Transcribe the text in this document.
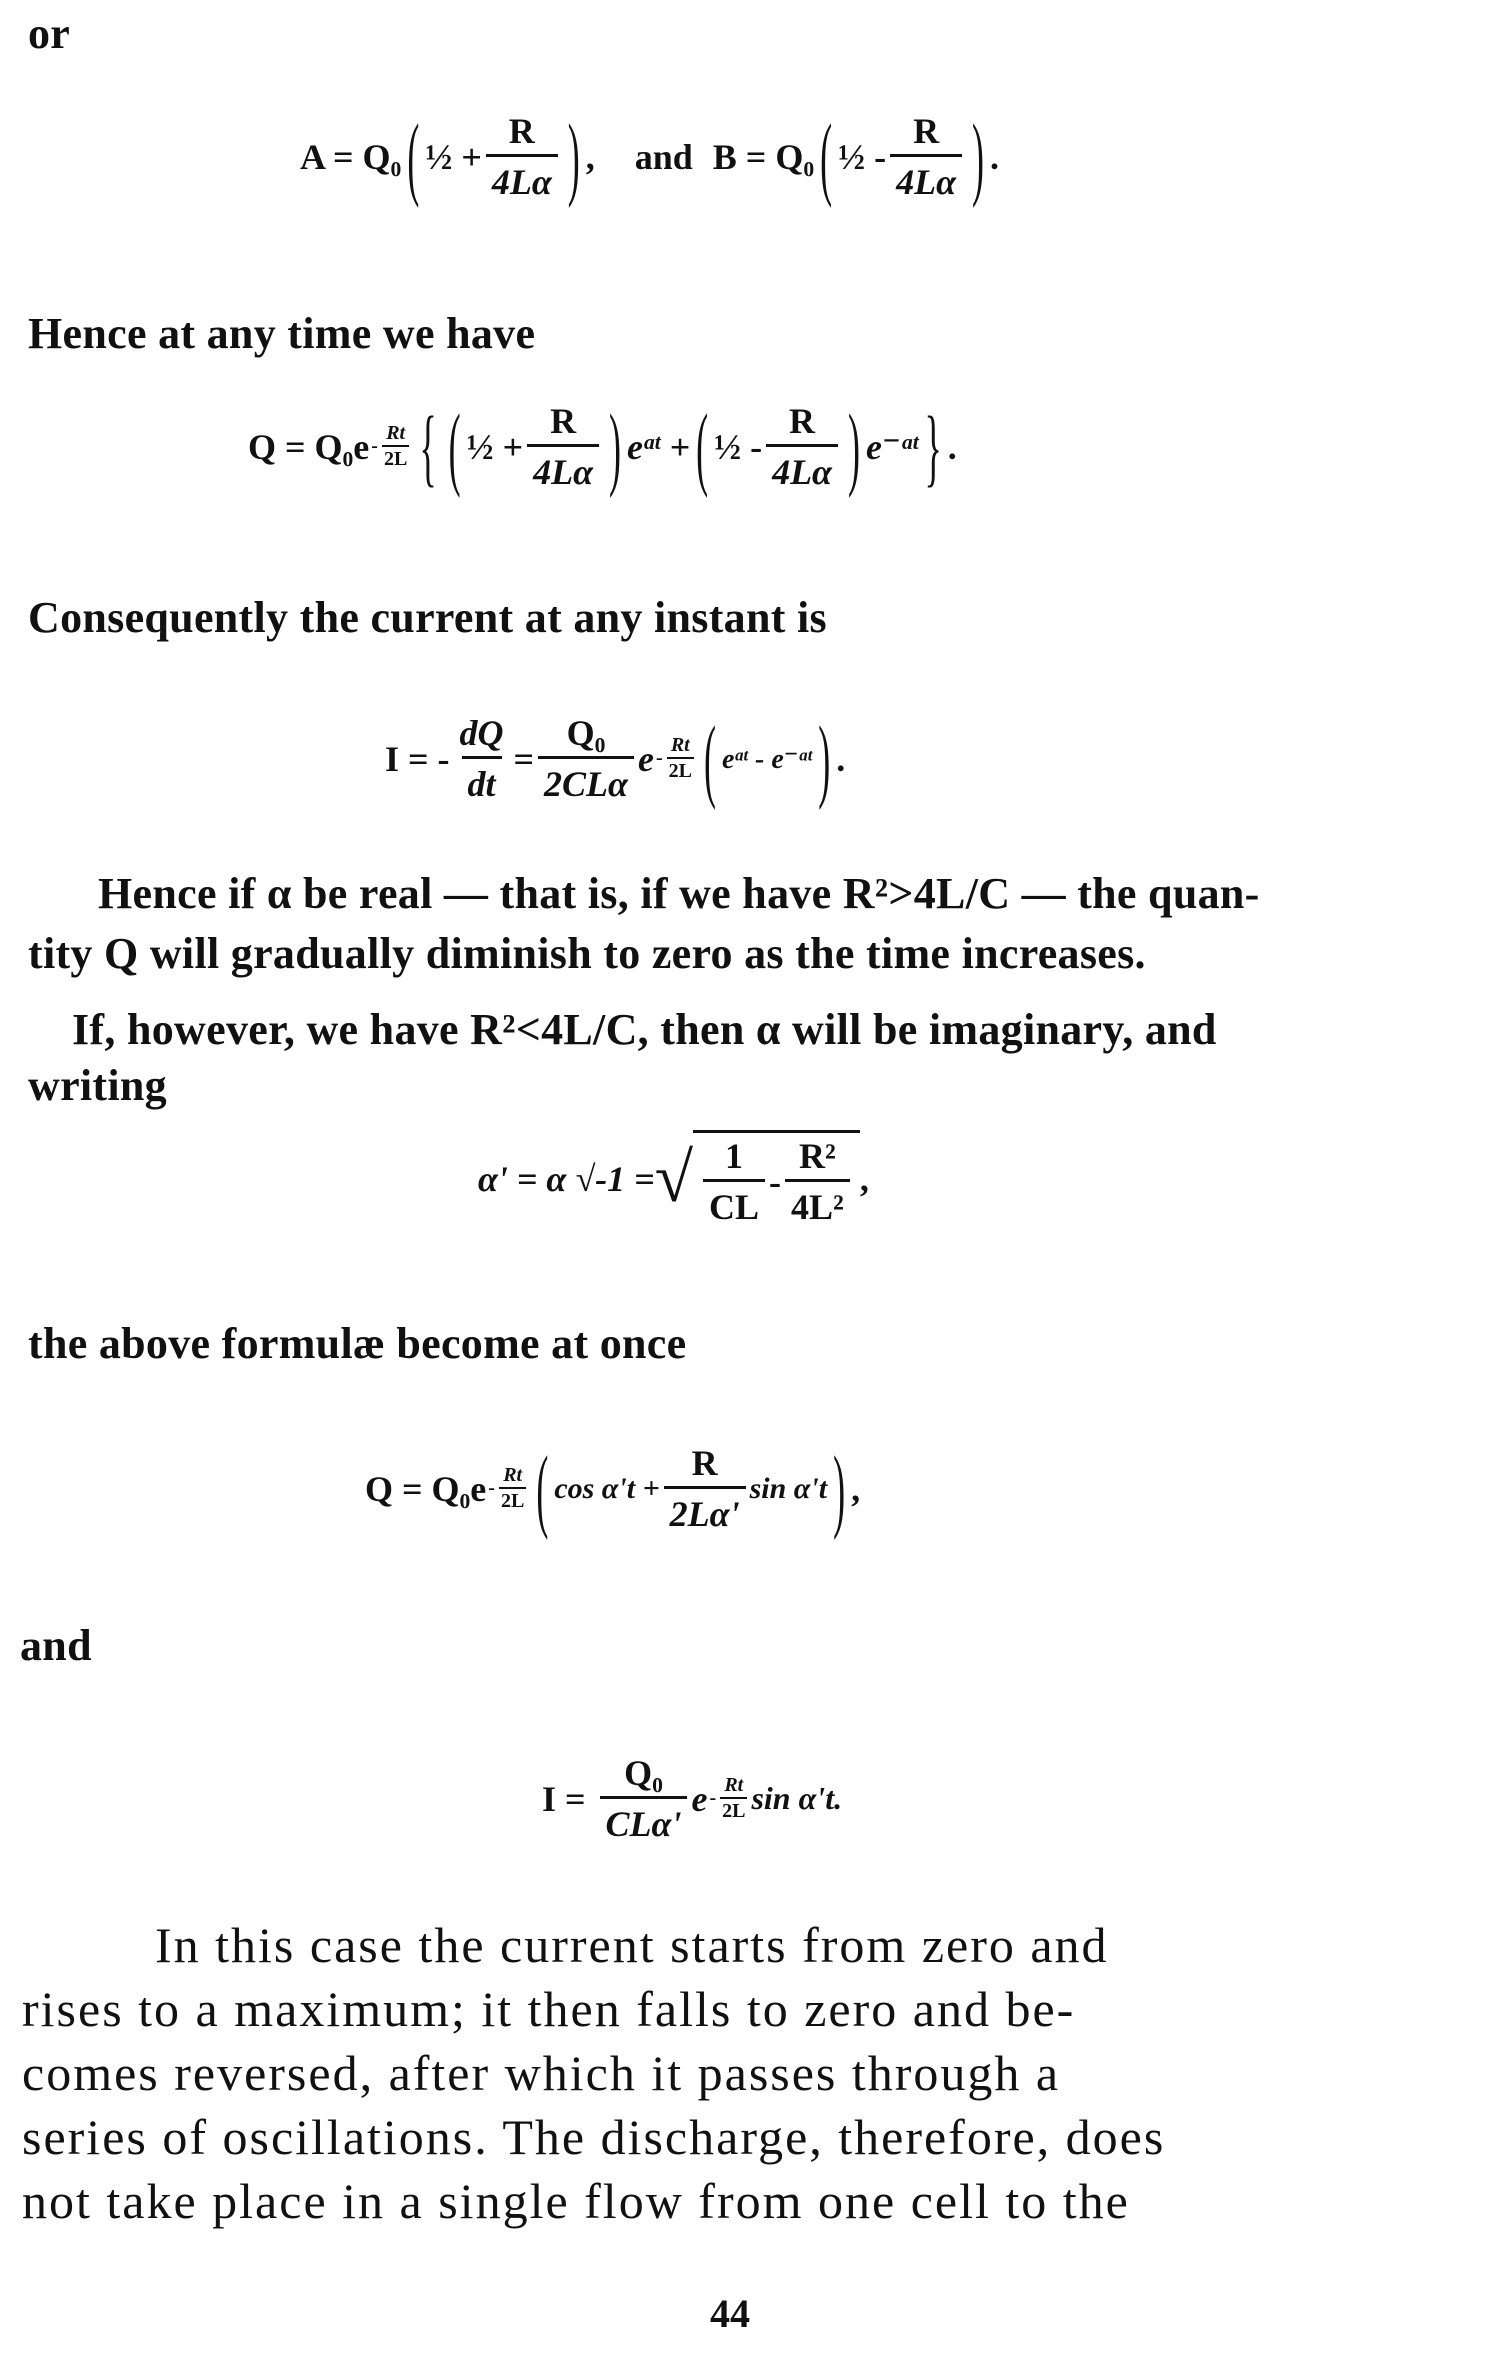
or
A = Q₀ ( ½ + $\frac{R}{4L\alpha}$ ) , and B = Q₀ ( ½ - $\frac{R}{4L\alpha}$ ) .
Hence at any time we have
$Q = Q_0e - \frac{Rt}{2L}$ { ( ½ + $\frac{R}{4L\alpha}$ ) eᵅᵗ + ( ½ - $\frac{R}{4L\alpha}$ ) e⁻ᵅᵗ } .
Consequently the current at any instant is
I = - $\frac{dQ}{dt} = \frac{\text{Q₀}}{\text{2CLα}}$ e - $\frac{Rt}{2L}$ ( eᵅᵗ - e⁻ᵅᵗ ) .
Hence if α be real — that is, if we have R²>4L/C — the quan-
tity Q will gradually diminish to zero as the time increases.
If, however, we have R²<4L/C, then α will be imaginary, and
writing
α' = α √-1 = √ $\frac{1}{CL} - \frac{\text{R²}}{\text{4L²}}$ ,
the above formulæ become at once
$Q = Q_0e - \frac{Rt}{2L}$ ( $\cos \alpha't + \frac{R}{2L\alpha'}$ sin α't ) ,
and
$I = \frac{\text{Q₀}}{\text{CLα'}}$ e - $\frac{Rt}{2L}$ sin α't.
In this case the current starts from zero and
rises to a maximum; it then falls to zero and be-
comes reversed, after which it passes through a
series of oscillations. The discharge, therefore, does
not take place in a single flow from one cell to the
44
